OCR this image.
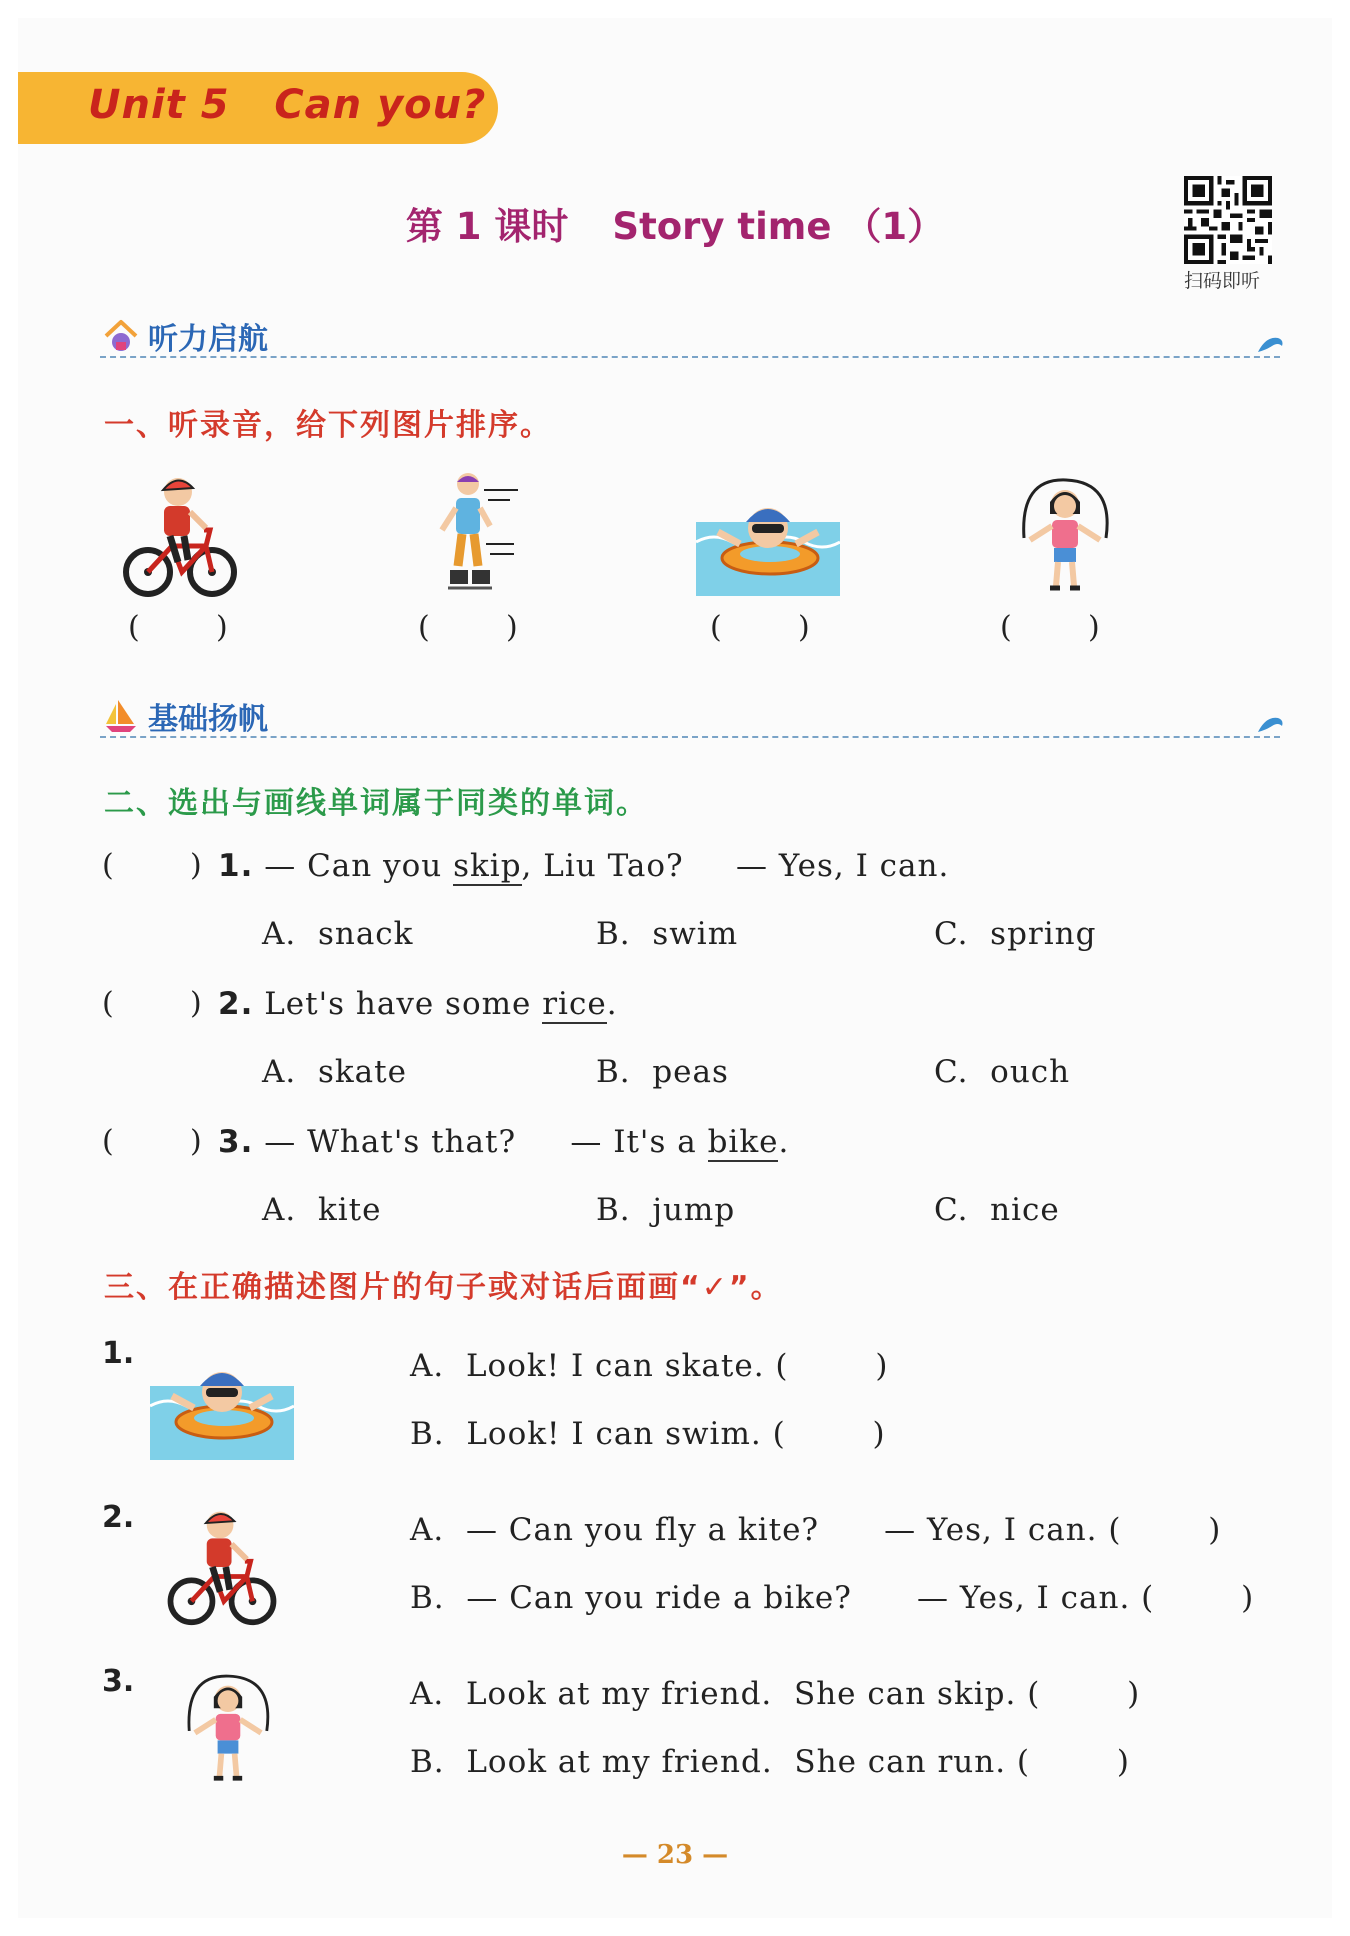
Unit 5   Can you?
第 1 课时 Story time （1）
扫码即听
听力启航
一、听录音，给下列图片排序。
(        )	(        )	(        )	(        )
基础扬帆
二、选出与画线单词属于同类的单词。
(        ) 1. — Can you skip, Liu Tao? — Yes, I can.
A.  snack	B.  swim	C.  spring
(        ) 2. Let's have some rice.
A.  skate	B.  peas	C.  ouch
(        ) 3. — What's that?     — It's a bike.
A.  kite	B.  jump	C.  nice
三、在正确描述图片的句子或对话后面画“✓”。
1.	A.  Look! I can skate. (        )
B.  Look! I can swim. (        )
2.	A.  — Can you fly a kite?      — Yes, I can. (        )
B.  — Can you ride a bike?      — Yes, I can. (        )
3.	A.  Look at my friend.  She can skip. (        )
B.  Look at my friend.  She can run. (        )
— 23 —
